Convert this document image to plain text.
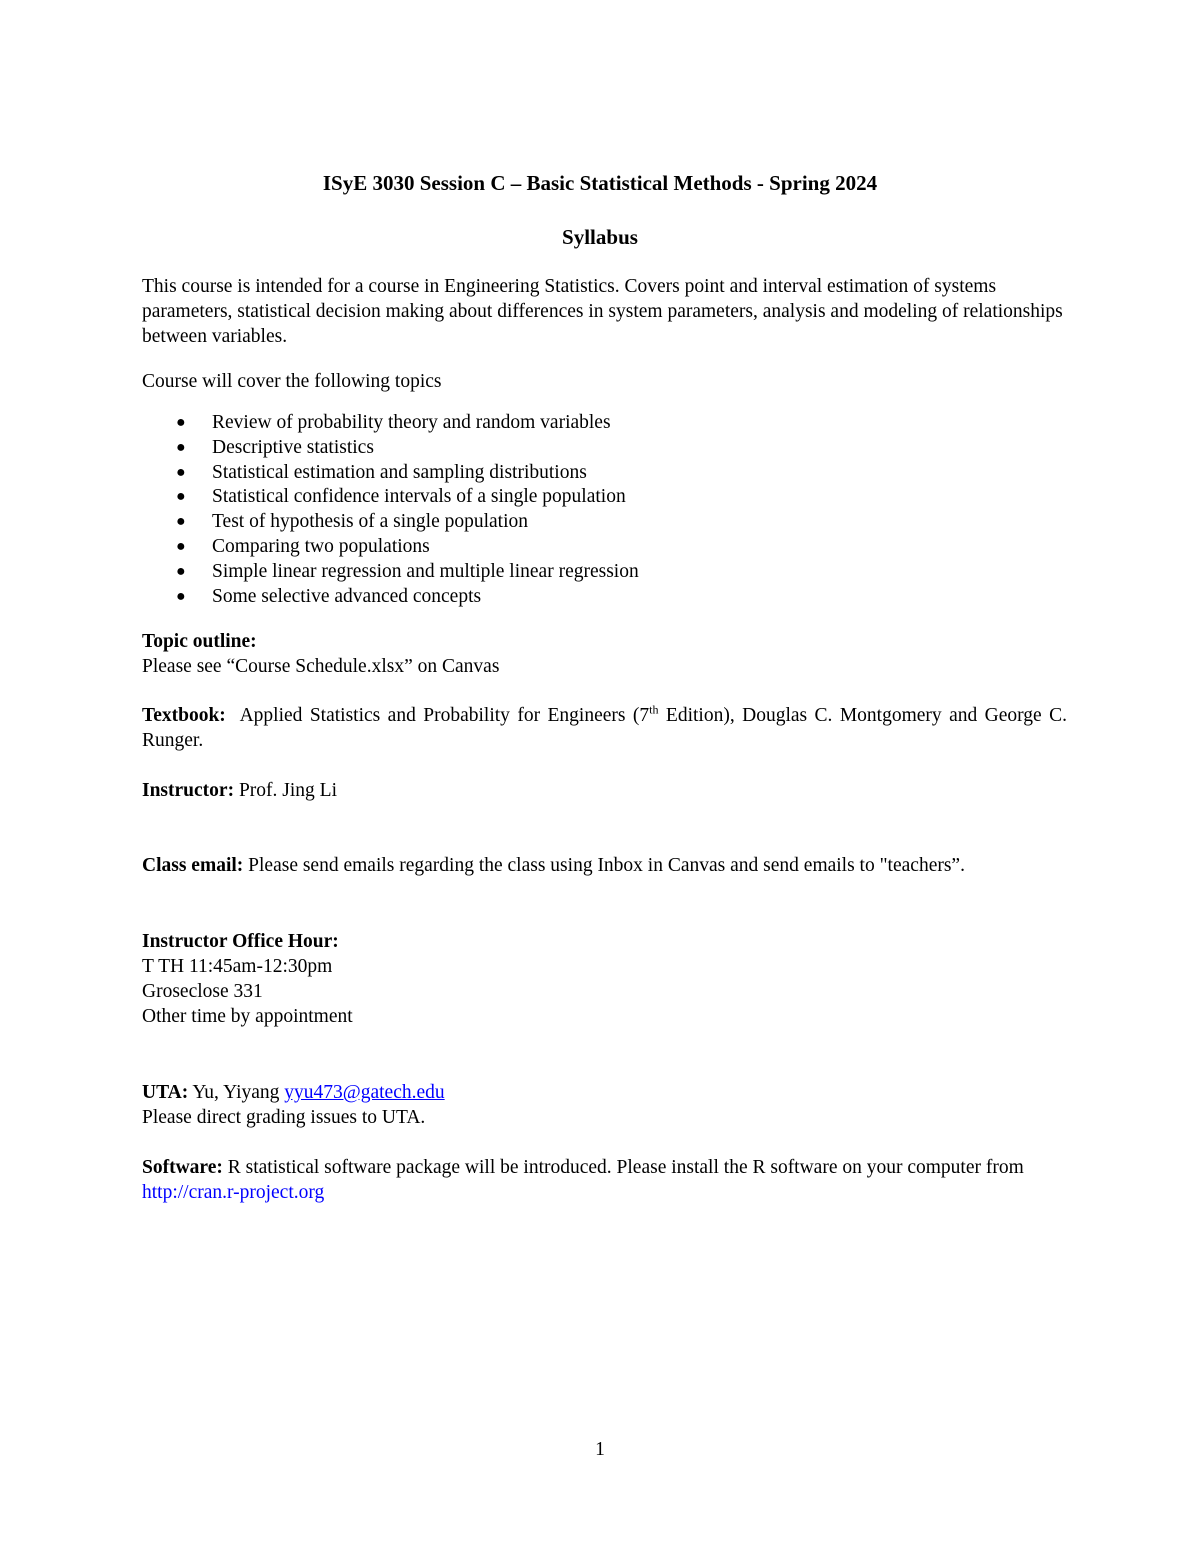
ISyE 3030 Session C – Basic Statistical Methods - Spring 2024

Syllabus

This course is intended for a course in Engineering Statistics. Covers point and interval estimation of systems parameters, statistical decision making about differences in system parameters, analysis and modeling of relationships between variables.

Course will cover the following topics

● Review of probability theory and random variables
● Descriptive statistics
● Statistical estimation and sampling distributions
● Statistical confidence intervals of a single population
● Test of hypothesis of a single population
● Comparing two populations
● Simple linear regression and multiple linear regression
● Some selective advanced concepts
Topic outline:
Please see “Course Schedule.xlsx” on Canvas

Textbook: Applied Statistics and Probability for Engineers (7th Edition), Douglas C. Montgomery and George C. Runger.

Instructor: Prof. Jing Li

Class email: Please send emails regarding the class using Inbox in Canvas and send emails to "teachers”.

Instructor Office Hour:
T TH 11:45am-12:30pm
Groseclose 331
Other time by appointment
UTA: Yu, Yiyang yyu473@gatech.edu
Please direct grading issues to UTA.

Software: R statistical software package will be introduced. Please install the R software on your computer from http://cran.r-project.org

1
